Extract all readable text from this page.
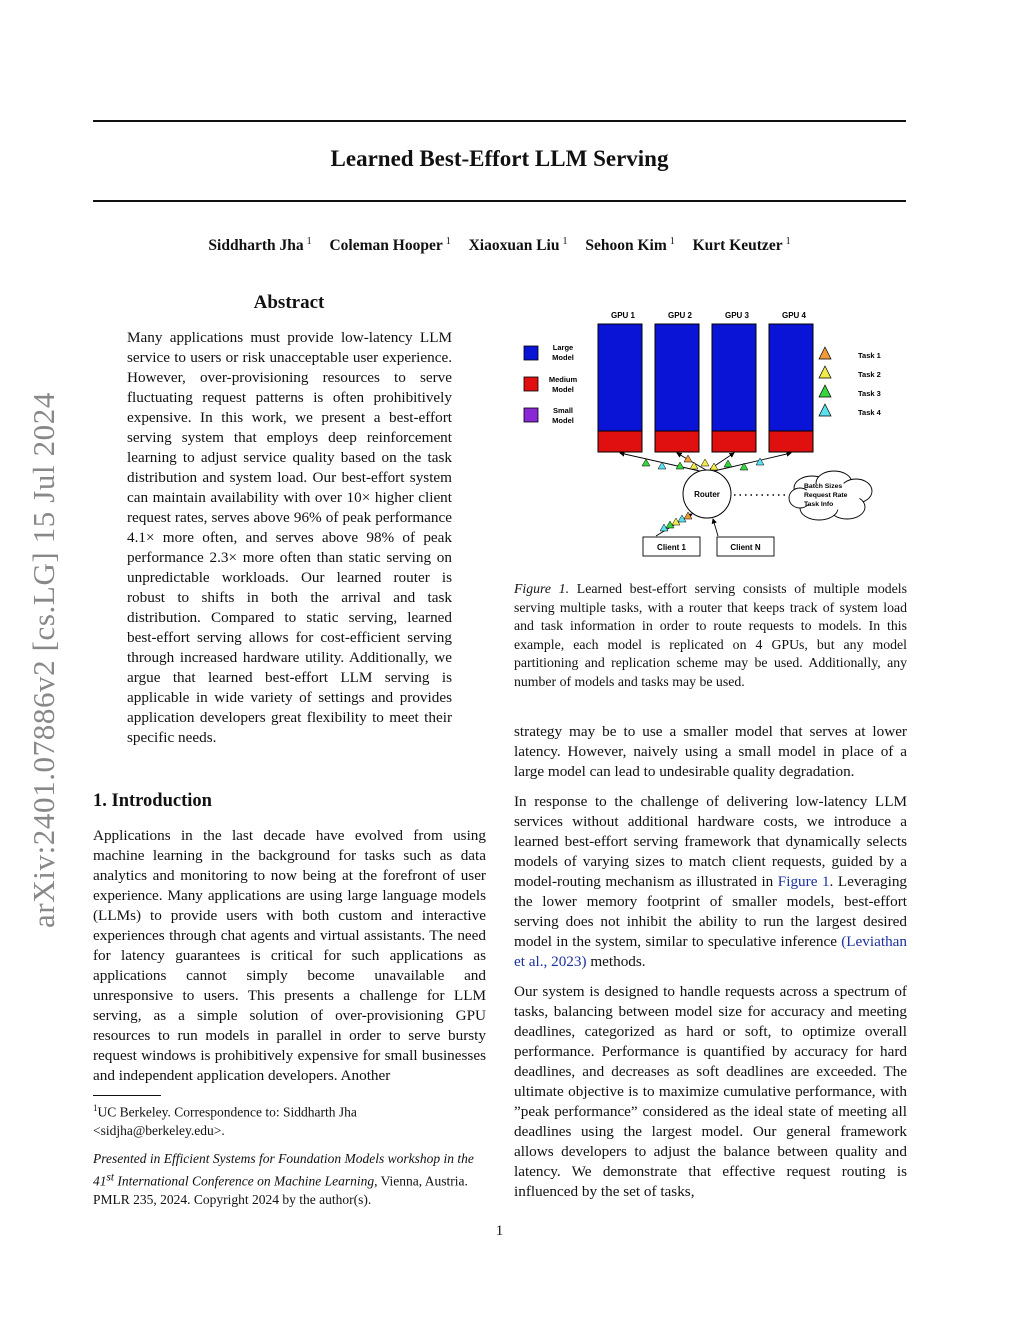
Learned Best-Effort LLM Serving
Siddharth Jha $^1$ Coleman Hooper $^1$ Xiaoxuan Liu $^1$ Sehoon Kim $^1$ Kurt Keutzer $^1$
arXiv:2401.07886v2 [cs.LG] 15 Jul 2024
Abstract
Many applications must provide low-latency LLM service to users or risk unacceptable user experience. However, over-provisioning resources to serve fluctuating request patterns is often prohibitively expensive. In this work, we present a best-effort serving system that employs deep reinforcement learning to adjust service quality based on the task distribution and system load. Our best-effort system can maintain availability with over 10× higher client request rates, serves above 96% of peak performance 4.1× more often, and serves above 98% of peak performance 2.3× more often than static serving on unpredictable workloads. Our learned router is robust to shifts in both the arrival and task distribution. Compared to static serving, learned best-effort serving allows for cost-efficient serving through increased hardware utility. Additionally, we argue that learned best-effort LLM serving is applicable in wide variety of settings and provides application developers great flexibility to meet their specific needs.
1. Introduction
Applications in the last decade have evolved from using machine learning in the background for tasks such as data analytics and monitoring to now being at the forefront of user experience. Many applications are using large language models (LLMs) to provide users with both custom and interactive experiences through chat agents and virtual assistants. The need for latency guarantees is critical for such applications as applications cannot simply become unavailable and unresponsive to users. This presents a challenge for LLM serving, as a simple solution of over-provisioning GPU resources to run models in parallel in order to serve bursty request windows is prohibitively expensive for small businesses and independent application developers. Another
$^1$UC Berkeley. Correspondence to: Siddharth Jha <sidjha@berkeley.edu>.
Presented in Efficient Systems for Foundation Models workshop in the 41st International Conference on Machine Learning, Vienna, Austria. PMLR 235, 2024. Copyright 2024 by the author(s).
GPU 1	GPU 2	GPU 3	GPU 4
Large
Model
Medium
Model
Small
Model
Task 1
Task 2
Task 3
Task 4
Router
Batch Sizes
Request Rate
Task Info
Client 1	Client N
Figure 1. Learned best-effort serving consists of multiple models serving multiple tasks, with a router that keeps track of system load and task information in order to route requests to models. In this example, each model is replicated on 4 GPUs, but any model partitioning and replication scheme may be used. Additionally, any number of models and tasks may be used.
strategy may be to use a smaller model that serves at lower latency. However, naively using a small model in place of a large model can lead to undesirable quality degradation.
In response to the challenge of delivering low-latency LLM services without additional hardware costs, we introduce a learned best-effort serving framework that dynamically selects models of varying sizes to match client requests, guided by a model-routing mechanism as illustrated in Figure 1. Leveraging the lower memory footprint of smaller models, best-effort serving does not inhibit the ability to run the largest desired model in the system, similar to speculative inference (Leviathan et al., 2023) methods.
Our system is designed to handle requests across a spectrum of tasks, balancing between model size for accuracy and meeting deadlines, categorized as hard or soft, to optimize overall performance. Performance is quantified by accuracy for hard deadlines, and decreases as soft deadlines are exceeded. The ultimate objective is to maximize cumulative performance, with ”peak performance” considered as the ideal state of meeting all deadlines using the largest model. Our general framework allows developers to adjust the balance between quality and latency. We demonstrate that effective request routing is influenced by the set of tasks,
1
